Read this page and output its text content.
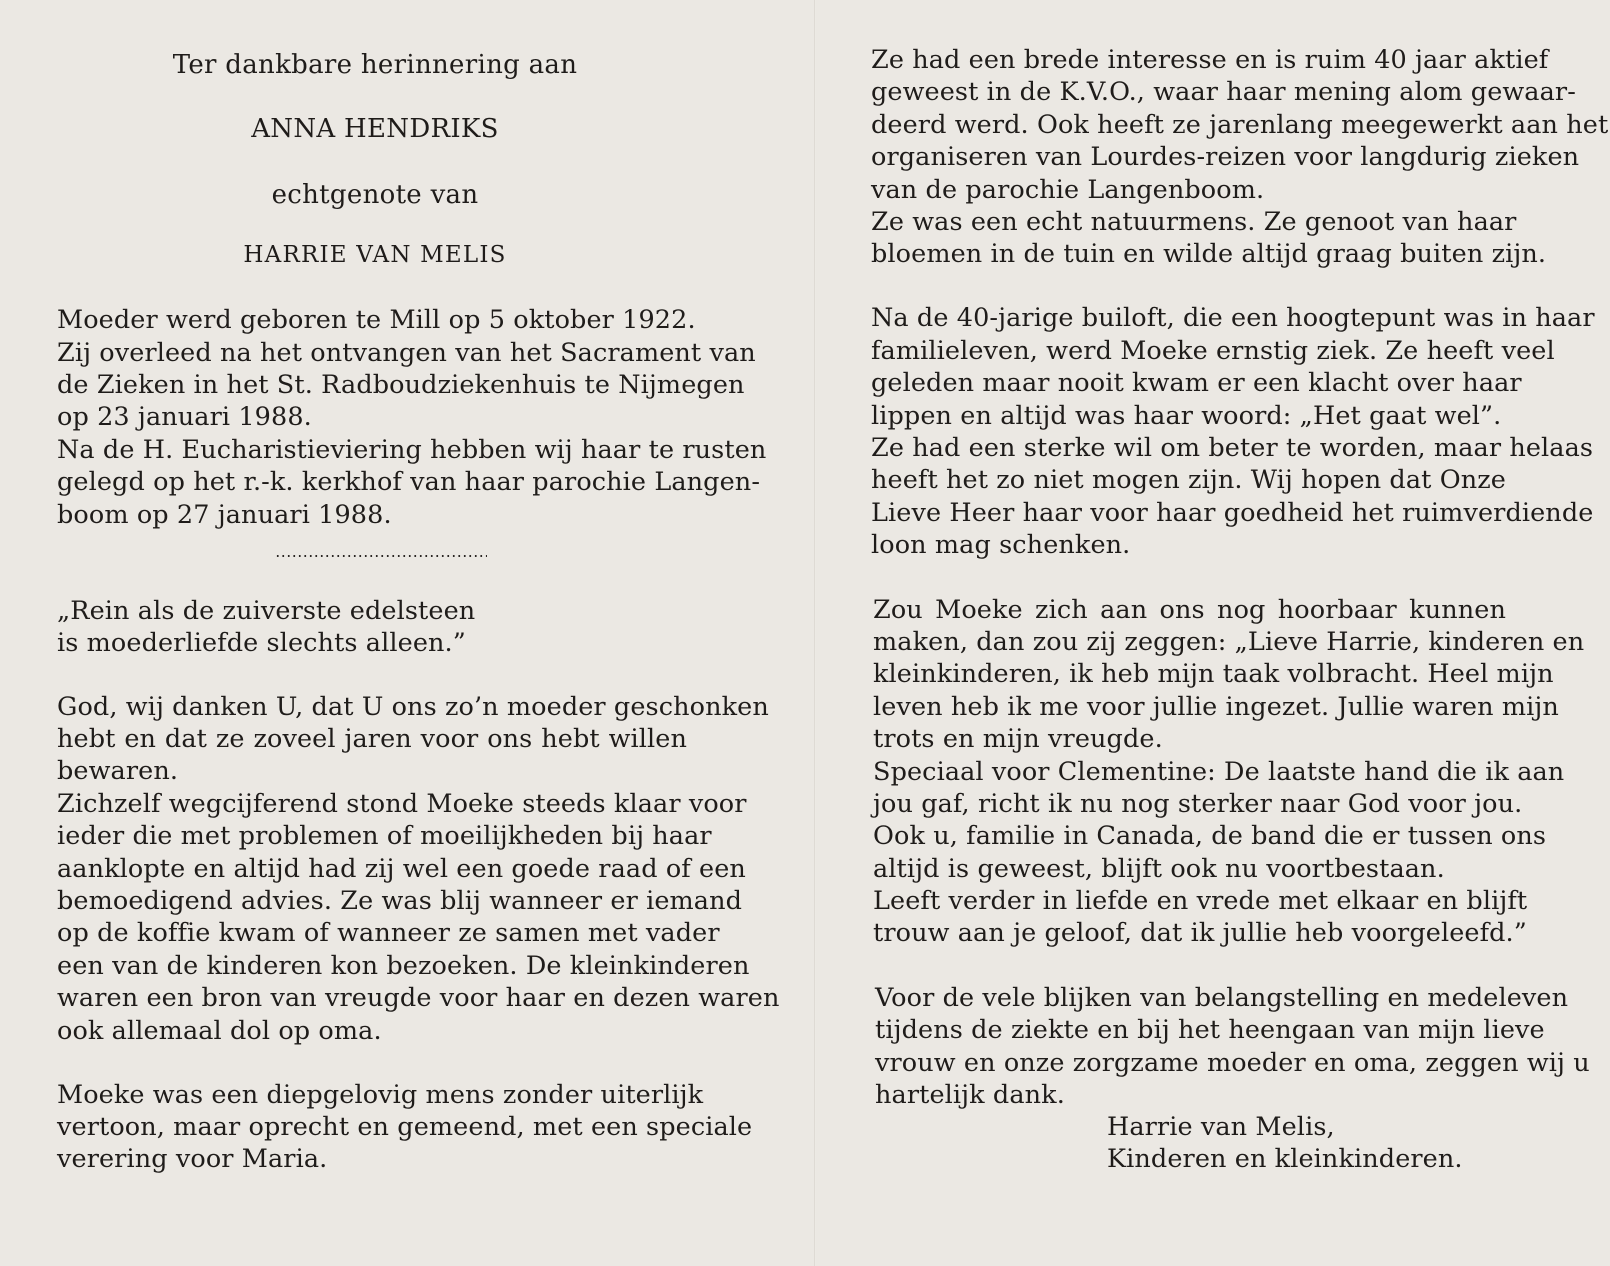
Ter dankbare herinnering aan
ANNA HENDRIKS
echtgenote van
HARRIE VAN MELIS
Moeder werd geboren te Mill op 5 oktober 1922.
Zij overleed na het ontvangen van het Sacrament van
de Zieken in het St. Radboudziekenhuis te Nijmegen
op 23 januari 1988.
Na de H. Eucharistieviering hebben wij haar te rusten
gelegd op het r.-k. kerkhof van haar parochie Langen-
boom op 27 januari 1988.
„Rein als de zuiverste edelsteen
is moederliefde slechts alleen.”
God, wij danken U, dat U ons zo’n moeder geschonken
hebt en dat ze zoveel jaren voor ons hebt willen
bewaren.
Zichzelf wegcijferend stond Moeke steeds klaar voor
ieder die met problemen of moeilijkheden bij haar
aanklopte en altijd had zij wel een goede raad of een
bemoedigend advies. Ze was blij wanneer er iemand
op de koffie kwam of wanneer ze samen met vader
een van de kinderen kon bezoeken. De kleinkinderen
waren een bron van vreugde voor haar en dezen waren
ook allemaal dol op oma.
Moeke was een diepgelovig mens zonder uiterlijk
vertoon, maar oprecht en gemeend, met een speciale
verering voor Maria.
Ze had een brede interesse en is ruim 40 jaar aktief
geweest in de K.V.O., waar haar mening alom gewaar-
deerd werd. Ook heeft ze jarenlang meegewerkt aan het
organiseren van Lourdes-reizen voor langdurig zieken
van de parochie Langenboom.
Ze was een echt natuurmens. Ze genoot van haar
bloemen in de tuin en wilde altijd graag buiten zijn.
Na de 40-jarige builoft, die een hoogtepunt was in haar
familieleven, werd Moeke ernstig ziek. Ze heeft veel
geleden maar nooit kwam er een klacht over haar
lippen en altijd was haar woord: „Het gaat wel”.
Ze had een sterke wil om beter te worden, maar helaas
heeft het zo niet mogen zijn. Wij hopen dat Onze
Lieve Heer haar voor haar goedheid het ruimverdiende
loon mag schenken.
Zou Moeke zich aan ons nog hoorbaar kunnen
maken, dan zou zij zeggen: „Lieve Harrie, kinderen en
kleinkinderen, ik heb mijn taak volbracht. Heel mijn
leven heb ik me voor jullie ingezet. Jullie waren mijn
trots en mijn vreugde.
Speciaal voor Clementine: De laatste hand die ik aan
jou gaf, richt ik nu nog sterker naar God voor jou.
Ook u, familie in Canada, de band die er tussen ons
altijd is geweest, blijft ook nu voortbestaan.
Leeft verder in liefde en vrede met elkaar en blijft
trouw aan je geloof, dat ik jullie heb voorgeleefd.”
Voor de vele blijken van belangstelling en medeleven
tijdens de ziekte en bij het heengaan van mijn lieve
vrouw en onze zorgzame moeder en oma, zeggen wij u
hartelijk dank.
Harrie van Melis,
Kinderen en kleinkinderen.
